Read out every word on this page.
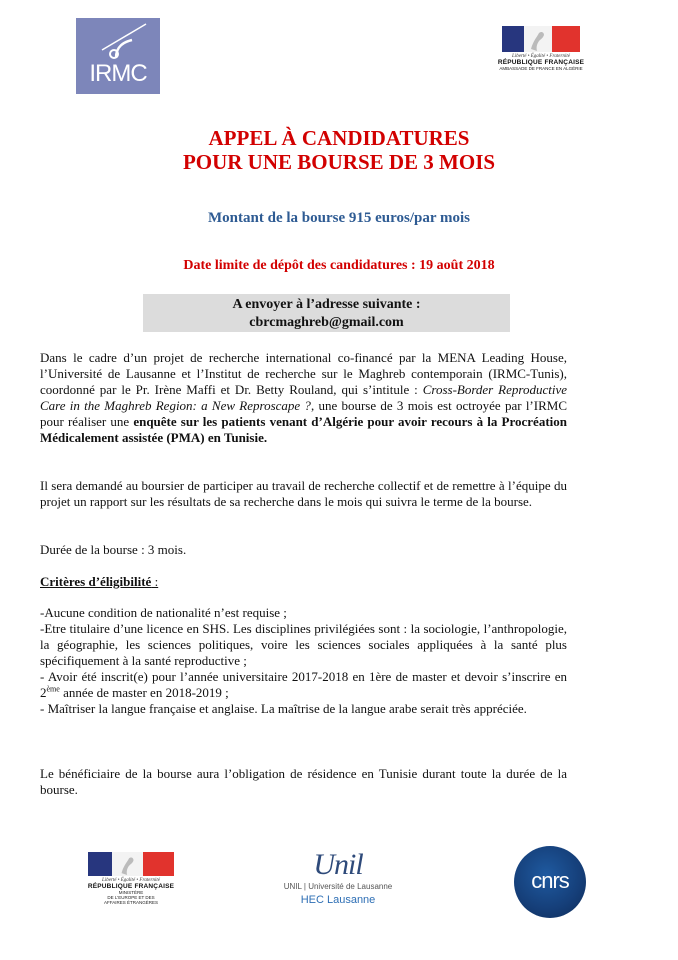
IRMC
Liberté • Égalité • Fraternité
RÉPUBLIQUE FRANÇAISE
AMBASSADE DE FRANCE EN ALGÉRIE
APPEL À CANDIDATURES
POUR UNE BOURSE DE 3 MOIS
Montant de la bourse 915 euros/par mois
Date limite de dépôt des candidatures : 19 août 2018
A envoyer à l’adresse suivante :
cbrcmaghreb@gmail.com
Dans le cadre d’un projet de recherche international co-financé par la MENA Leading House, l’Université de Lausanne et l’Institut de recherche sur le Maghreb contemporain (IRMC-Tunis), coordonné par le Pr. Irène Maffi et Dr. Betty Rouland, qui s’intitule : Cross-Border Reproductive Care in the Maghreb Region: a New Reproscape ?, une bourse de 3 mois est octroyée par l’IRMC pour réaliser une enquête sur les patients venant d’Algérie pour avoir recours à la Procréation Médicalement assistée (PMA) en Tunisie.
Il sera demandé au boursier de participer au travail de recherche collectif et de remettre à l’équipe du projet un rapport sur les résultats de sa recherche dans le mois qui suivra le terme de la bourse.
Durée de la bourse : 3 mois.
Critères d’éligibilité :
-Aucune condition de nationalité n’est requise ;
-Etre titulaire d’une licence en SHS. Les disciplines privilégiées sont : la sociologie, l’anthropologie, la géographie, les sciences politiques, voire les sciences sociales appliquées à la santé plus spécifiquement à la santé reproductive ;
- Avoir été inscrit(e) pour l’année universitaire 2017-2018 en 1ère de master et devoir s’inscrire en 2ème année de master en 2018-2019 ;
- Maîtriser la langue française et anglaise. La maîtrise de la langue arabe serait très appréciée.
Le bénéficiaire de la bourse aura l’obligation de résidence en Tunisie durant toute la durée de la bourse.
Liberté • Égalité • Fraternité
RÉPUBLIQUE FRANÇAISE
MINISTÈRE
DE L'EUROPE ET DES
AFFAIRES ÉTRANGÈRES
Unil
UNIL | Université de Lausanne
HEC Lausanne
cnrs
